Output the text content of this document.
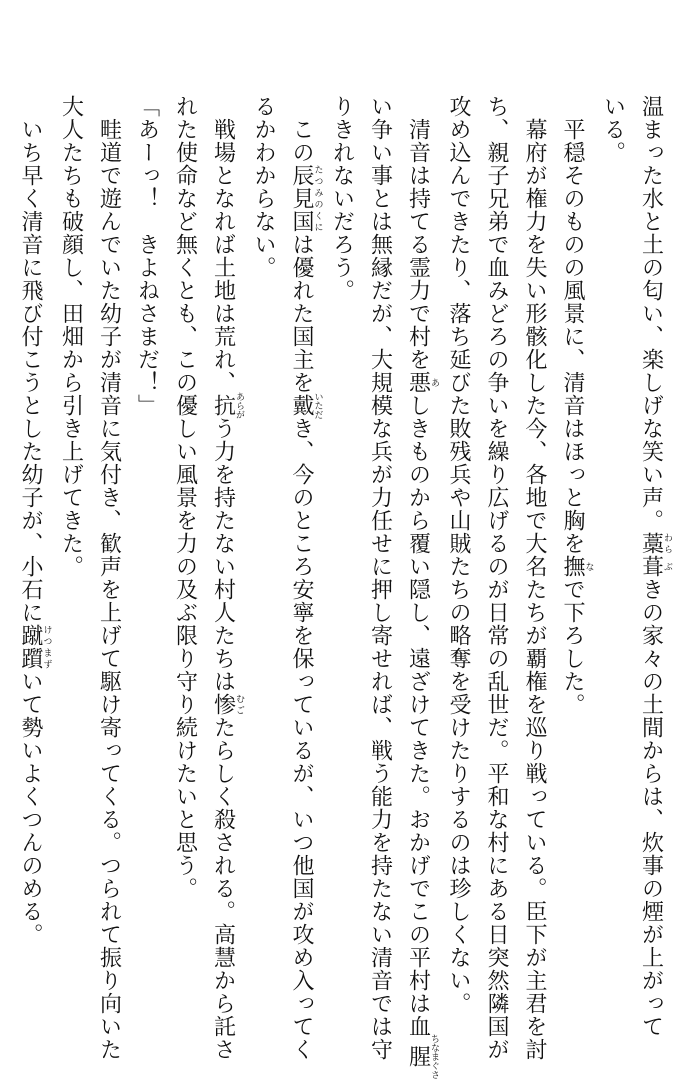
温まった水と土の匂い、楽しげな笑い声。藁わら葺ぶきの家々の土間からは、炊事の煙が上がって

いる。

　平穏そのものの風景に、清音はほっと胸を撫なで下ろした。

　幕府が権力を失い形骸化した今、各地で大名たちが覇権を巡り戦っている。臣下が主君を討

ち、親子兄弟で血みどろの争いを繰り広げるのが日常の乱世だ。平和な村にある日突然隣国が

攻め込んできたり、落ち延びた敗残兵や山賊たちの略奪を受けたりするのは珍しくない。

　清音は持てる霊力で村を悪あしきものから覆い隠し、遠ざけてきた。おかげでこの平村は血腥ちなまぐさ

い争い事とは無縁だが、大規模な兵が力任せに押し寄せれば、戦う能力を持たない清音では守

りきれないだろう。

　この辰見国たつみのくには優れた国主を戴いただき、今のところ安寧を保っているが、いつ他国が攻め入ってく

るかわからない。

　戦場となれば土地は荒れ、抗あらがう力を持たない村人たちは惨むごたらしく殺される。高慧から託さ

れた使命など無くとも、この優しい風景を力の及ぶ限り守り続けたいと思う。

「あーっ！　きよねさまだ！」

　畦道で遊んでいた幼子が清音に気付き、歓声を上げて駆け寄ってくる。つられて振り向いた

大人たちも破顔し、田畑から引き上げてきた。

　いち早く清音に飛び付こうとした幼子が、小石に蹴躓けつまずいて勢いよくつんのめる。
